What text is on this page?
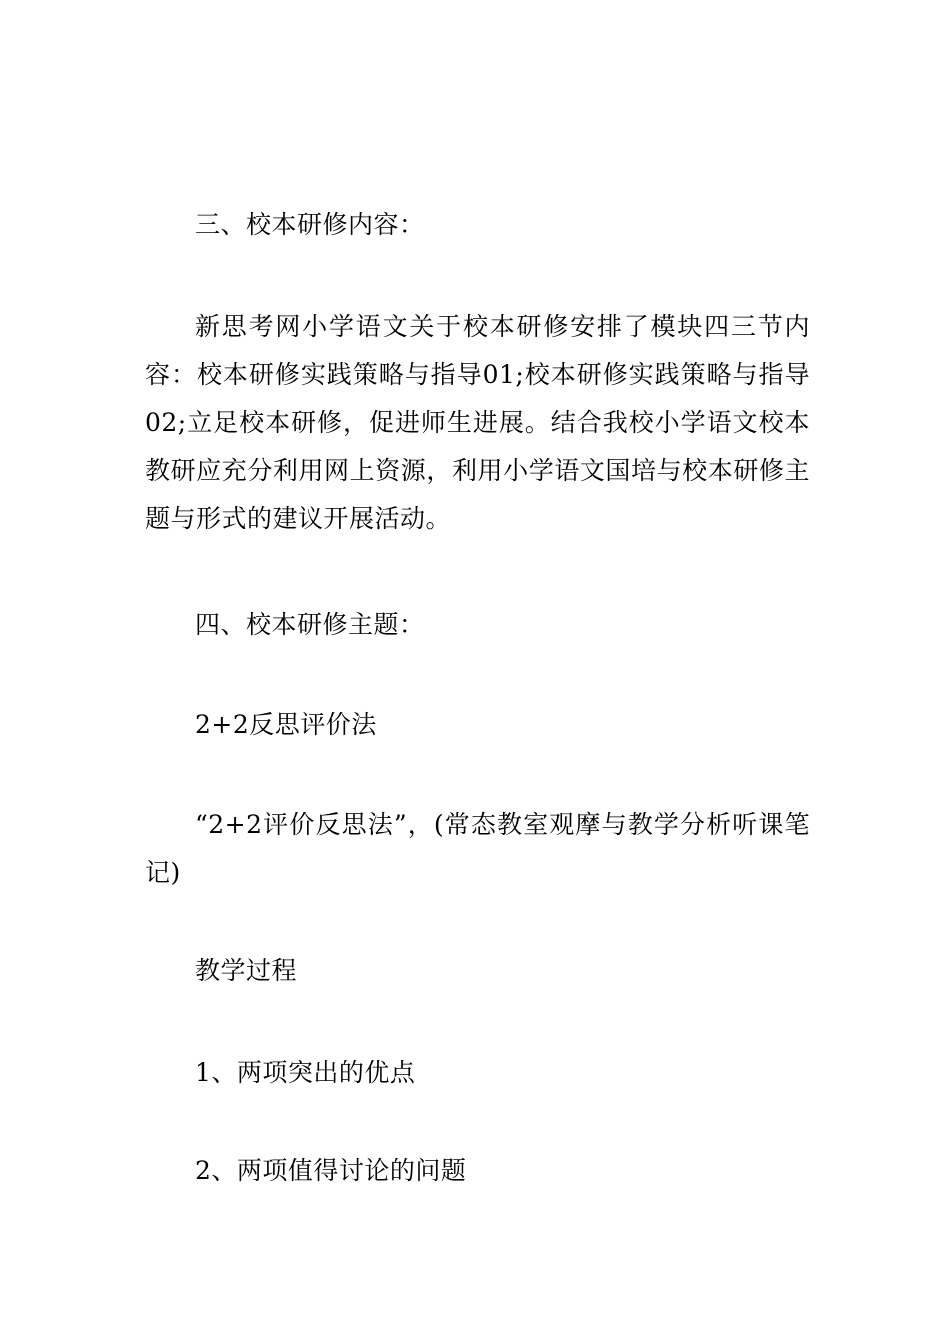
三、校本研修内容：

新思考网小学语文关于校本研修安排了模块四三节内容：校本研修实践策略与指导01;校本研修实践策略与指导02;立足校本研修，促进师生进展。结合我校小学语文校本教研应充分利用网上资源，利用小学语文国培与校本研修主题与形式的建议开展活动。

四、校本研修主题：

2+2反思评价法

“2+2评价反思法”，(常态教室观摩与教学分析听课笔记)

教学过程

1、两项突出的优点

2、两项值得讨论的问题
